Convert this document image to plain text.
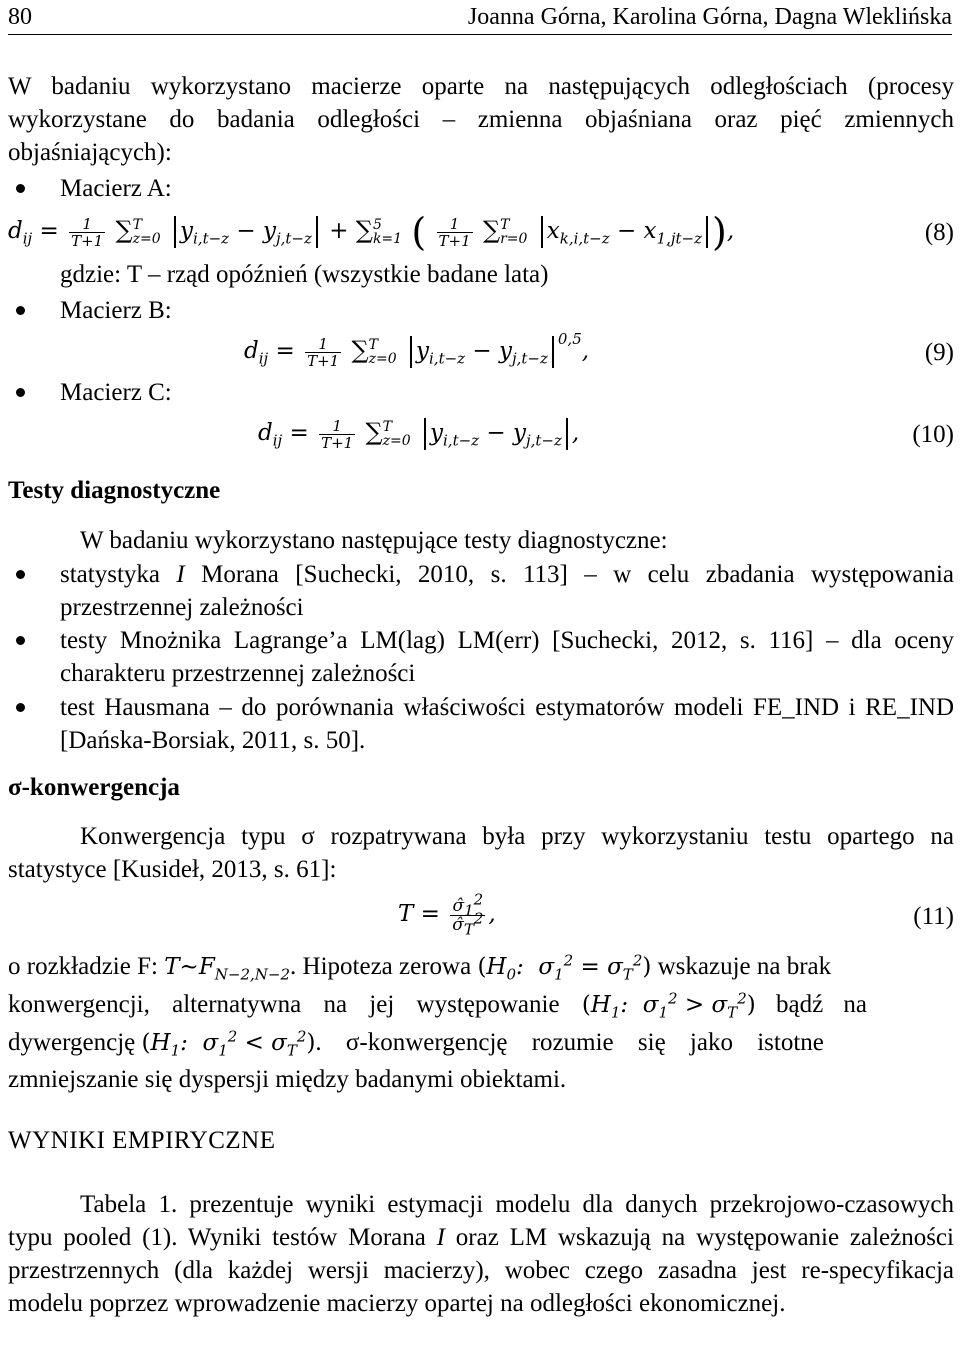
80	Joanna Górna, Karolina Górna, Dagna Wleklińska

W badaniu wykorzystano macierze oparte na następujących odległościach (procesy wykorzystane do badania odległości – zmienna objaśniana oraz pięć zmiennych objaśniających):

Macierz A:
$d_{ij} = \frac{1}{T+1}$ ∑ T
z=0 $y_{i,t-z} - y_{j,t-z}$ + ∑ 5
k=1 ( $\frac{1}{T+1}$ ∑ T
r=0 $x_{k,i,t-z} - x_{1,jt-z}$ ),	(8)
gdzie: T – rząd opóźnień (wszystkie badane lata)
Macierz B:
$d_{ij} = \frac{1}{T+1}$ ∑ T
z=0 $y_{i,t-z} - y_{j,t-z}^{0,5}$,	(9)
Macierz C:
$d_{ij} = \frac{1}{T+1}$ ∑ T
z=0 $y_{i,t-z} - y_{j,t-z}$ ,	(10)
Testy diagnostyczne
W badaniu wykorzystano następujące testy diagnostyczne:

statystyka I Morana [Suchecki, 2010, s. 113] – w celu zbadania występowania przestrzennej zależności

testy Mnożnika Lagrange’a LM(lag) LM(err) [Suchecki, 2012, s. 116] – dla oceny charakteru przestrzennej zależności

test Hausmana – do porównania właściwości estymatorów modeli FE_IND i RE_IND [Dańska-Borsiak, 2011, s. 50].

σ-konwergencja

Konwergencja typu σ rozpatrywana była przy wykorzystaniu testu opartego na statystyce [Kusideł, 2013, s. 61]:

$T = \frac{\sigmâ_1^2}{\sigmâ_T^2}$ ,	(11)
o rozkładzie F: $T\sim F_{N-2,N-2}$. Hipoteza zerowa ($H_0$:  $\sigma_1^2 = \sigma_T^2$) wskazuje na brak
konwergencji, alternatywna na jej występowanie ($H_1$:  $\sigma_1^2 > \sigma_T^2$) bądź na
dywergencję ($H_1$:  $\sigma_1^2 < \sigma_T^2$). σ-konwergencję rozumie się jako istotne
zmniejszanie się dyspersji między badanymi obiektami.
WYNIKI EMPIRYCZNE

Tabela 1. prezentuje wyniki estymacji modelu dla danych przekrojowo-czasowych typu pooled (1). Wyniki testów Morana I oraz LM wskazują na występowanie zależności przestrzennych (dla każdej wersji macierzy), wobec czego zasadna jest re-specyfikacja modelu poprzez wprowadzenie macierzy opartej na odległości ekonomicznej.
